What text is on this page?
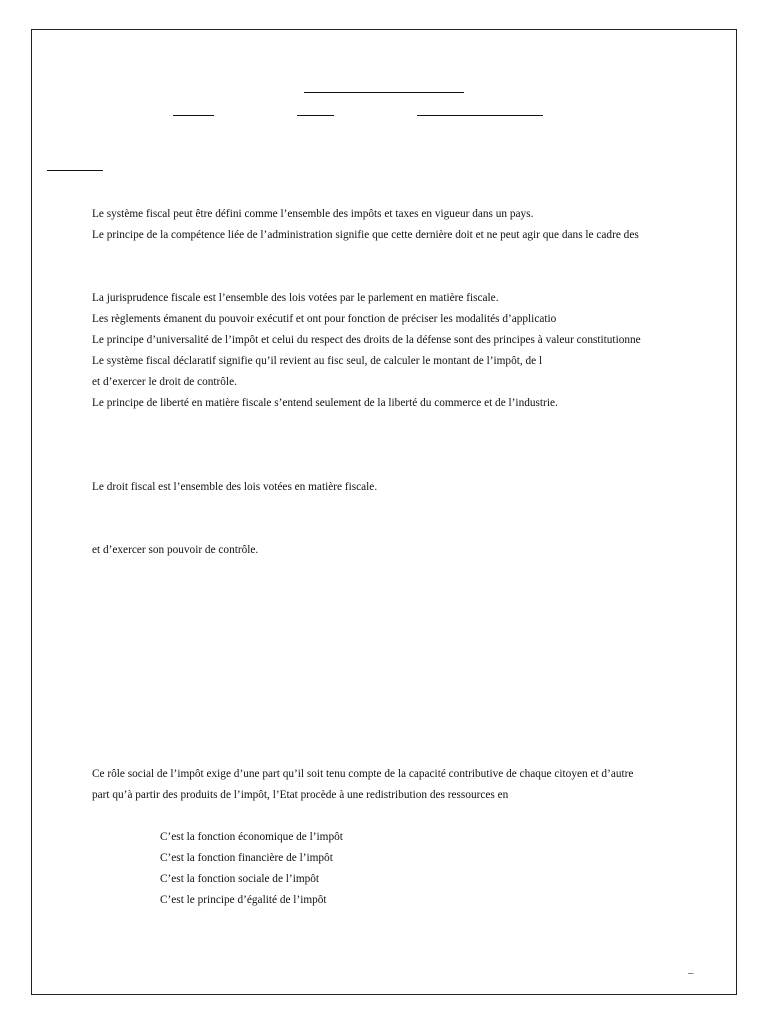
Le système fiscal peut être défini comme l’ensemble des impôts et taxes en vigueur dans un pays.
Le principe de la compétence liée de l’administration signifie que cette dernière doit et ne peut agir que dans le cadre des
La jurisprudence fiscale est l’ensemble des lois votées par le parlement en matière fiscale.
Les règlements émanent du pouvoir exécutif et ont pour fonction de préciser les modalités d’applicatio
Le principe d’universalité de l’impôt et celui du respect des droits de la défense sont des principes à valeur constitutionne
Le système fiscal déclaratif signifie qu’il revient au fisc seul, de calculer le montant de l’impôt, de l
et d’exercer le droit de contrôle.
Le principe de liberté en matière fiscale s’entend seulement de la liberté du commerce et de l’industrie.
Le droit fiscal est l’ensemble des lois votées en matière fiscale.
et d’exercer son pouvoir de contrôle.
Ce rôle social de l’impôt exige d’une part qu’il soit tenu compte de la capacité contributive de chaque citoyen et d’autre
part qu’à partir des produits de l’impôt, l’Etat procède à une redistribution des ressources en
C’est la fonction économique de l’impôt
C’est la fonction financière de l’impôt
C’est la fonction sociale de l’impôt
C’est le principe d’égalité de l’impôt
–
